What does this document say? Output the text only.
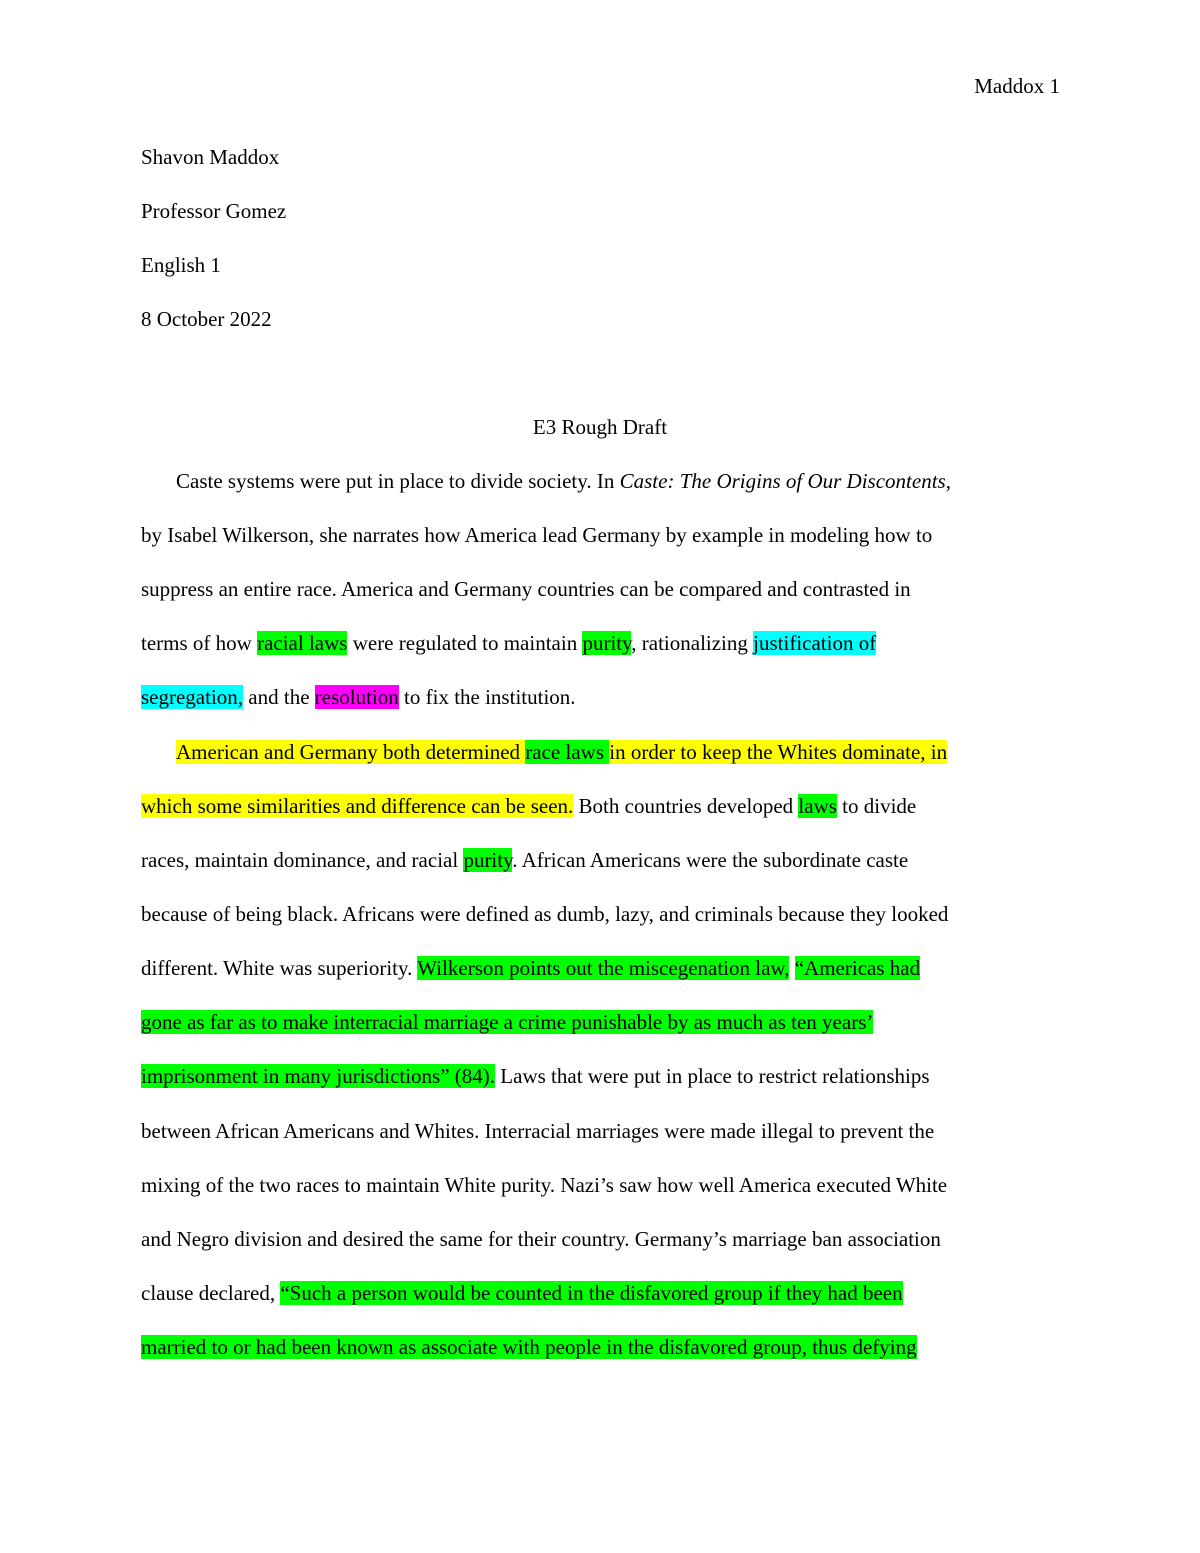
Maddox 1
Shavon Maddox
Professor Gomez
English 1
8 October 2022
E3 Rough Draft
Caste systems were put in place to divide society. In Caste: The Origins of Our Discontents,
by Isabel Wilkerson, she narrates how America lead Germany by example in modeling how to
suppress an entire race. America and Germany countries can be compared and contrasted in
terms of how racial laws were regulated to maintain purity, rationalizing justification of
segregation, and the resolution to fix the institution.
American and Germany both determined race laws in order to keep the Whites dominate, in
which some similarities and difference can be seen. Both countries developed laws to divide
races, maintain dominance, and racial purity. African Americans were the subordinate caste
because of being black. Africans were defined as dumb, lazy, and criminals because they looked
different. White was superiority. Wilkerson points out the miscegenation law, “Americas had
gone as far as to make interracial marriage a crime punishable by as much as ten years’
imprisonment in many jurisdictions” (84). Laws that were put in place to restrict relationships
between African Americans and Whites. Interracial marriages were made illegal to prevent the
mixing of the two races to maintain White purity. Nazi’s saw how well America executed White
and Negro division and desired the same for their country. Germany’s marriage ban association
clause declared, “Such a person would be counted in the disfavored group if they had been
married to or had been known as associate with people in the disfavored group, thus defying
